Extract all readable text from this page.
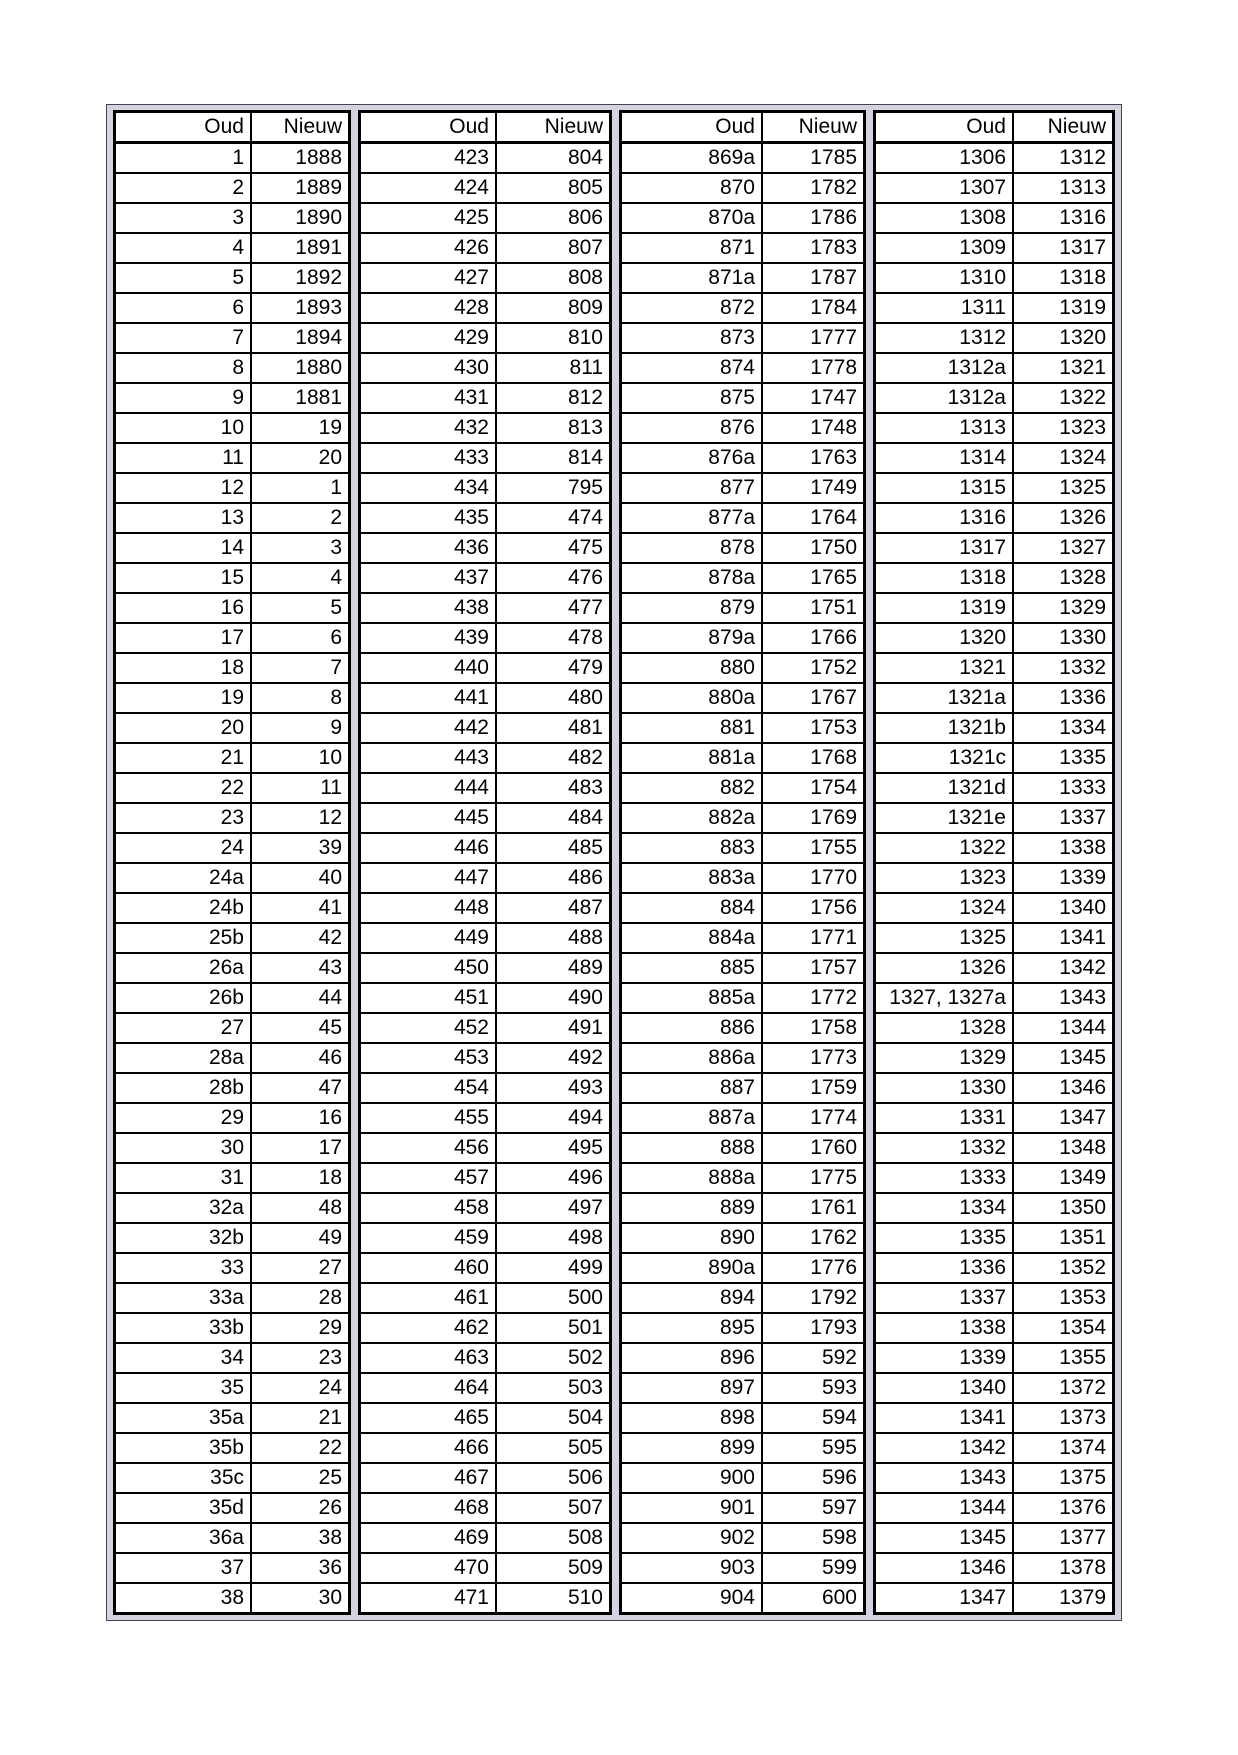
Oud	Nieuw
1	1888
2	1889
3	1890
4	1891
5	1892
6	1893
7	1894
8	1880
9	1881
10	19
11	20
12	1
13	2
14	3
15	4
16	5
17	6
18	7
19	8
20	9
21	10
22	11
23	12
24	39
24a	40
24b	41
25b	42
26a	43
26b	44
27	45
28a	46
28b	47
29	16
30	17
31	18
32a	48
32b	49
33	27
33a	28
33b	29
34	23
35	24
35a	21
35b	22
35c	25
35d	26
36a	38
37	36
38	30
Oud	Nieuw
423	804
424	805
425	806
426	807
427	808
428	809
429	810
430	811
431	812
432	813
433	814
434	795
435	474
436	475
437	476
438	477
439	478
440	479
441	480
442	481
443	482
444	483
445	484
446	485
447	486
448	487
449	488
450	489
451	490
452	491
453	492
454	493
455	494
456	495
457	496
458	497
459	498
460	499
461	500
462	501
463	502
464	503
465	504
466	505
467	506
468	507
469	508
470	509
471	510
Oud	Nieuw
869a	1785
870	1782
870a	1786
871	1783
871a	1787
872	1784
873	1777
874	1778
875	1747
876	1748
876a	1763
877	1749
877a	1764
878	1750
878a	1765
879	1751
879a	1766
880	1752
880a	1767
881	1753
881a	1768
882	1754
882a	1769
883	1755
883a	1770
884	1756
884a	1771
885	1757
885a	1772
886	1758
886a	1773
887	1759
887a	1774
888	1760
888a	1775
889	1761
890	1762
890a	1776
894	1792
895	1793
896	592
897	593
898	594
899	595
900	596
901	597
902	598
903	599
904	600
Oud	Nieuw
1306	1312
1307	1313
1308	1316
1309	1317
1310	1318
1311	1319
1312	1320
1312a	1321
1312a	1322
1313	1323
1314	1324
1315	1325
1316	1326
1317	1327
1318	1328
1319	1329
1320	1330
1321	1332
1321a	1336
1321b	1334
1321c	1335
1321d	1333
1321e	1337
1322	1338
1323	1339
1324	1340
1325	1341
1326	1342
1327, 1327a	1343
1328	1344
1329	1345
1330	1346
1331	1347
1332	1348
1333	1349
1334	1350
1335	1351
1336	1352
1337	1353
1338	1354
1339	1355
1340	1372
1341	1373
1342	1374
1343	1375
1344	1376
1345	1377
1346	1378
1347	1379
